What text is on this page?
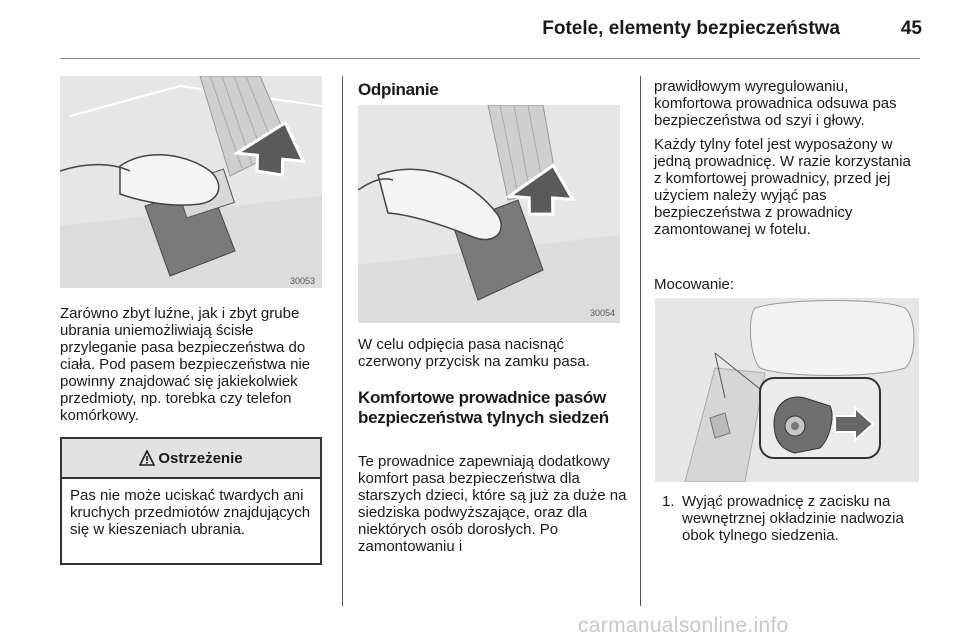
Fotele, elementy bezpieczeństwa	45
30053
Zarówno zbyt luźne, jak i zbyt grube ubrania uniemożliwiają ścisłe przyleganie pasa bezpieczeństwa do ciała. Pod pasem bezpieczeństwa nie powinny znajdować się jakiekolwiek przedmioty, np. torebka czy telefon komórkowy.
Ostrzeżenie
Pas nie może uciskać twardych ani kruchych przedmiotów znajdujących się w kieszeniach ubrania.
Odpinanie
30054
W celu odpięcia pasa nacisnąć czerwony przycisk na zamku pasa.
Komfortowe prowadnice pasów bezpieczeństwa tylnych siedzeń
Te prowadnice zapewniają dodatkowy komfort pasa bezpieczeństwa dla starszych dzieci, które są już za duże na siedziska podwyższające, oraz dla niektórych osób dorosłych. Po zamontowaniu i
prawidłowym wyregulowaniu, komfortowa prowadnica odsuwa pas bezpieczeństwa od szyi i głowy.
Każdy tylny fotel jest wyposażony w jedną prowadnicę. W razie korzystania z komfortowej prowadnicy, przed jej użyciem należy wyjąć pas bezpieczeństwa z prowadnicy zamontowanej w fotelu.
Mocowanie:
1. Wyjąć prowadnicę z zacisku na wewnętrznej okładzinie nadwozia obok tylnego siedzenia.
carmanualsonline.info
